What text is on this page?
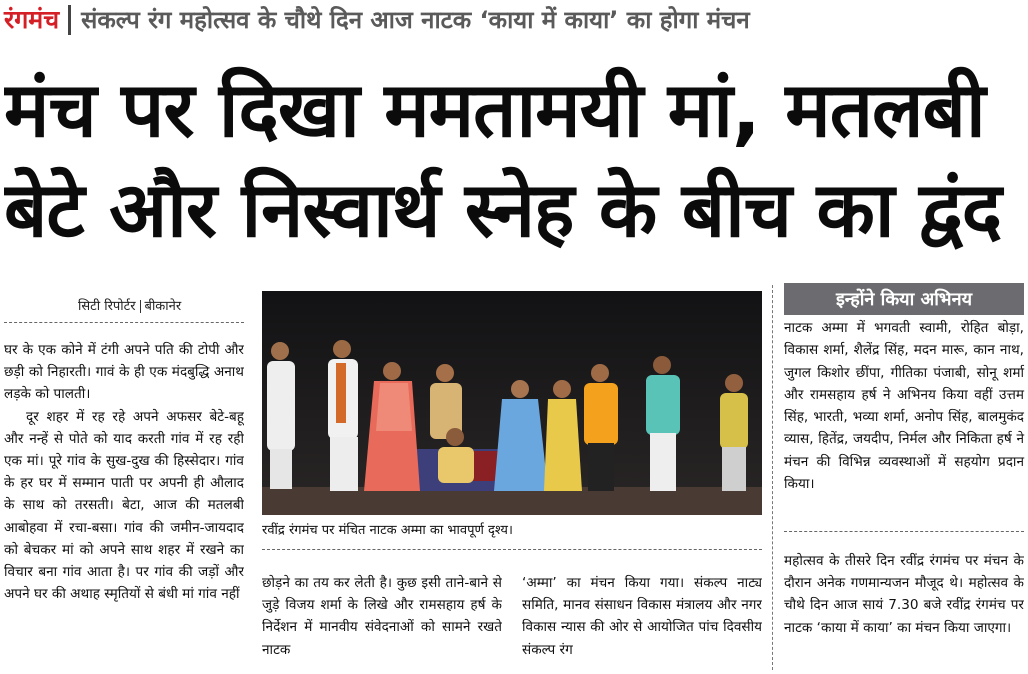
रंगमंच संकल्प रंग महोत्सव के चौथे दिन आज नाटक ‘काया में काया’ का होगा मंचन
मंच पर दिखा ममतामयी मां, मतलबी
बेटे और निस्वार्थ स्नेह के बीच का द्वंद
सिटी रिपोर्टर बीकानेर

घर के एक कोने में टंगी अपने पति की टोपी और छड़ी को निहारती। गावं के ही एक मंदबुद्धि अनाथ लड़के को पालती।

दूर शहर में रह रहे अपने अफसर बेटे-बहू और नन्हें से पोते को याद करती गांव में रह रही एक मां। पूरे गांव के सुख-दुख की हिस्सेदार। गांव के हर घर में सम्मान पाती पर अपनी ही औलाद के साथ को तरसती। बेटा, आज की मतलबी आबोहवा में रचा-बसा। गांव की जमीन-जायदाद को बेचकर मां को अपने साथ शहर में रखने का विचार बना गांव आता है। पर गांव की जड़ों और अपने घर की अथाह स्मृतियों से बंधी मां गांव नहीं

रवींद्र रंगमंच पर मंचित नाटक अम्मा का भावपूर्ण दृश्य।

छोड़ने का तय कर लेती है। कुछ इसी ताने-बाने से जुड़े विजय शर्मा के लिखे और रामसहाय हर्ष के निर्देशन में मानवीय संवेदनाओं को सामने रखते नाटक

‘अम्मा’ का मंचन किया गया। संकल्प नाट्य समिति, मानव संसाधन विकास मंत्रालय और नगर विकास न्यास की ओर से आयोजित पांच दिवसीय संकल्प रंग

इन्होंने किया अभिनय
नाटक अम्मा में भगवती स्वामी, रोहित बोड़ा, विकास शर्मा, शैलेंद्र सिंह, मदन मारू, कान नाथ, जुगल किशोर छींपा, गीतिका पंजाबी, सोनू शर्मा और रामसहाय हर्ष ने अभिनय किया वहीं उत्तम सिंह, भारती, भव्या शर्मा, अनोप सिंह, बालमुकंद व्यास, हितेंद्र, जयदीप, निर्मल और निकिता हर्ष ने मंचन की विभिन्न व्यवस्थाओं में सहयोग प्रदान किया।

महोत्सव के तीसरे दिन रवींद्र रंगमंच पर मंचन के दौरान अनेक गणमान्यजन मौजूद थे। महोत्सव के चौथे दिन आज सायं 7.30 बजे रवींद्र रंगमंच पर नाटक ‘काया में काया’ का मंचन किया जाएगा।
